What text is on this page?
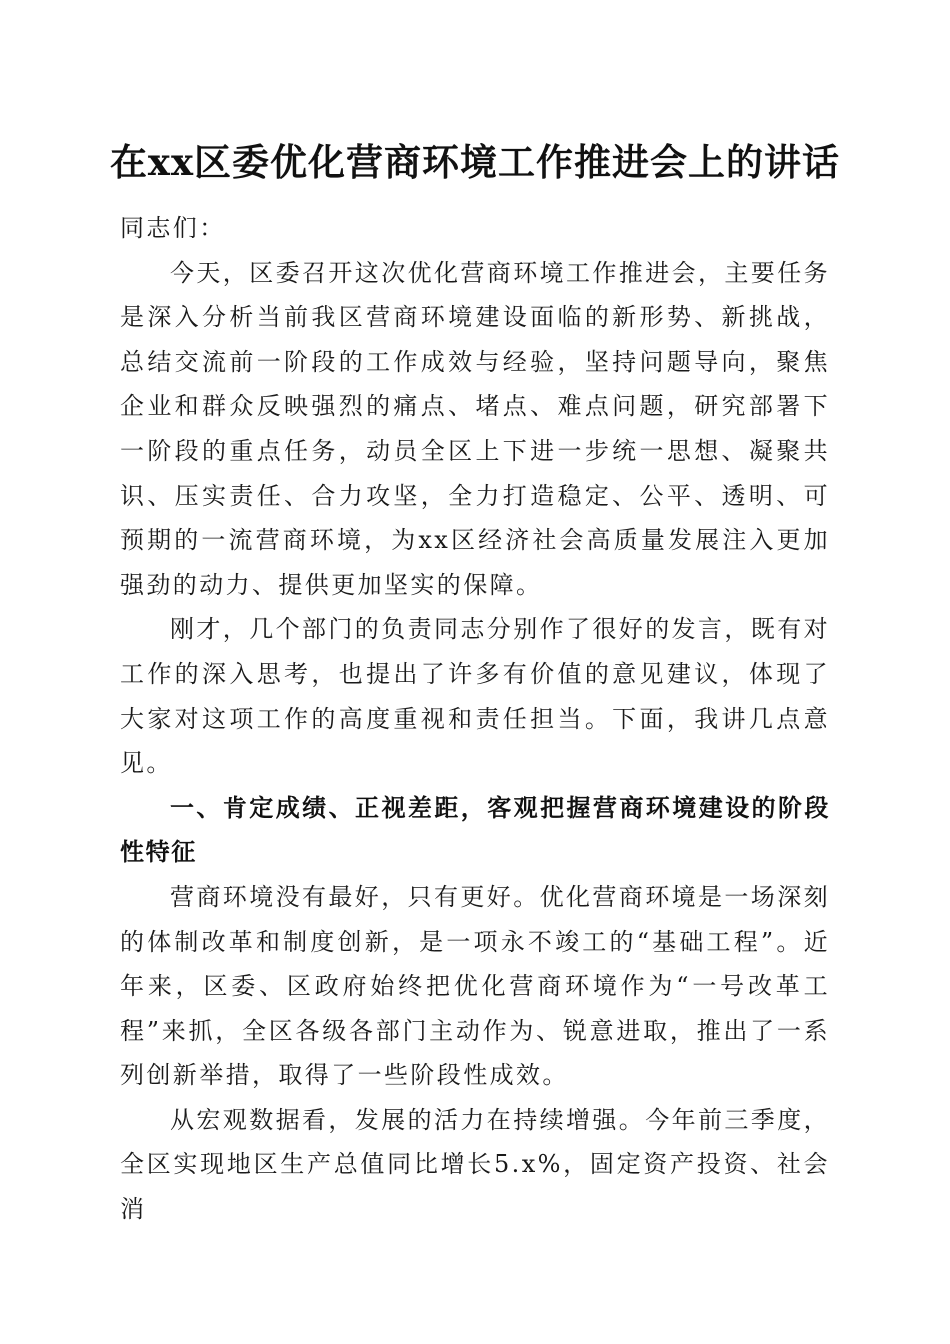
在xx区委优化营商环境工作推进会上的讲话

同志们：

今天，区委召开这次优化营商环境工作推进会，主要任务是深入分析当前我区营商环境建设面临的新形势、新挑战，总结交流前一阶段的工作成效与经验，坚持问题导向，聚焦企业和群众反映强烈的痛点、堵点、难点问题，研究部署下一阶段的重点任务，动员全区上下进一步统一思想、凝聚共识、压实责任、合力攻坚，全力打造稳定、公平、透明、可预期的一流营商环境，为xx区经济社会高质量发展注入更加强劲的动力、提供更加坚实的保障。

刚才，几个部门的负责同志分别作了很好的发言，既有对工作的深入思考，也提出了许多有价值的意见建议，体现了大家对这项工作的高度重视和责任担当。下面，我讲几点意见。

一、肯定成绩、正视差距，客观把握营商环境建设的阶段性特征

营商环境没有最好，只有更好。优化营商环境是一场深刻的体制改革和制度创新，是一项永不竣工的“基础工程”。近年来，区委、区政府始终把优化营商环境作为“一号改革工程”来抓，全区各级各部门主动作为、锐意进取，推出了一系列创新举措，取得了一些阶段性成效。

从宏观数据看，发展的活力在持续增强。今年前三季度，全区实现地区生产总值同比增长5.x%，固定资产投资、社会消
